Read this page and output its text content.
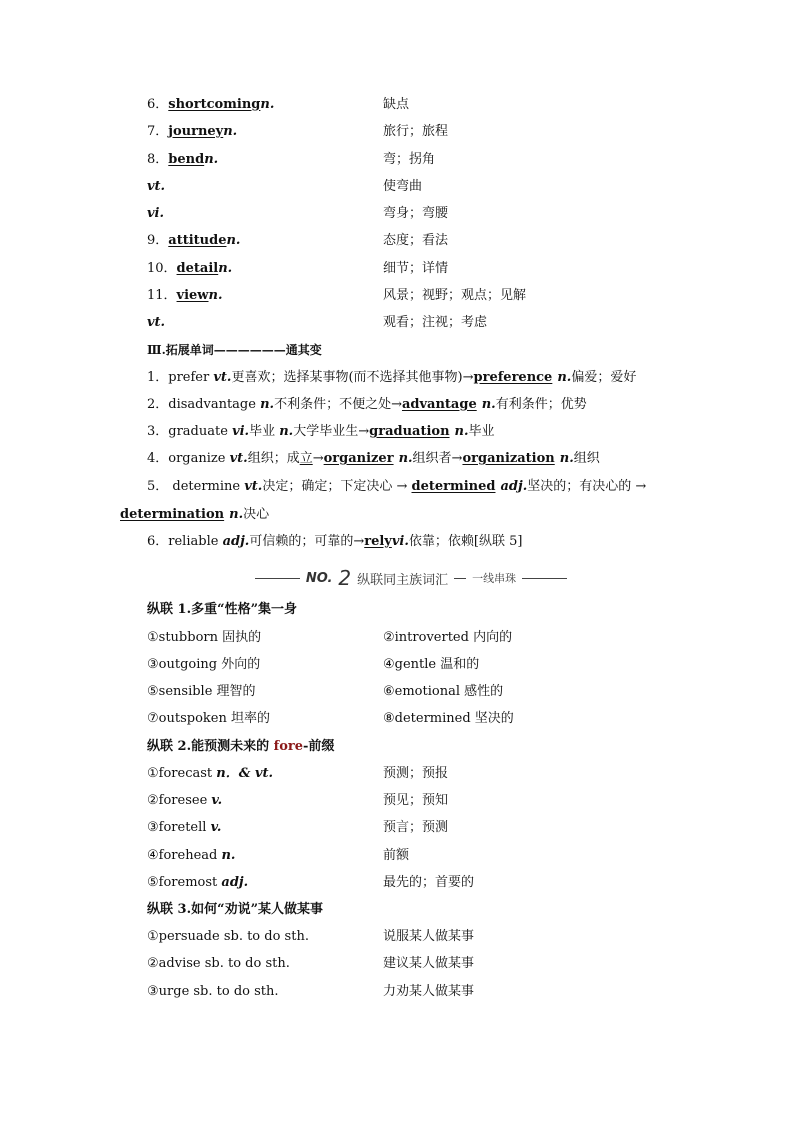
6．shortcomingn.	缺点
7．journeyn.	旅行；旅程
8．bendn.	弯；拐角
vt.	使弯曲
vi.	弯身；弯腰
9．attituden.	态度；看法
10．detailn.	细节；详情
11．viewn.	风景；视野；观点；见解
vt.	观看；注视；考虑
Ⅲ.拓展单词——————通其变
1．prefer vt.更喜欢；选择某事物(而不选择其他事物)→preference n.偏爱；爱好
2．disadvantage n.不利条件；不便之处→advantage n.有利条件；优势
3．graduate vi.毕业 n.大学毕业生→graduation n.毕业
4．organize vt.组织；成立→organizer n.组织者→organization n.组织
5． determine vt.决定；确定；下定决心 → determined adj.坚决的；有决心的 →
determination n.决心
6．reliable adj.可信赖的；可靠的→relyvi.依靠；依赖[纵联 5]
NO. 2 纵联同主族词汇 一线串珠
纵联 1.多重“性格”集一身
①stubborn 固执的	②introverted 内向的
③outgoing 外向的	④gentle 温和的
⑤sensible 理智的	⑥emotional 感性的
⑦outspoken 坦率的	⑧determined 坚决的
纵联 2.能预测未来的 fore-前缀
①forecast n．& vt.	预测；预报
②foresee v.	预见；预知
③foretell v.	预言；预测
④forehead n.	前额
⑤foremost adj.	最先的；首要的
纵联 3.如何“劝说”某人做某事
①persuade sb. to do sth.	说服某人做某事
②advise sb. to do sth.	建议某人做某事
③urge sb. to do sth.	力劝某人做某事
